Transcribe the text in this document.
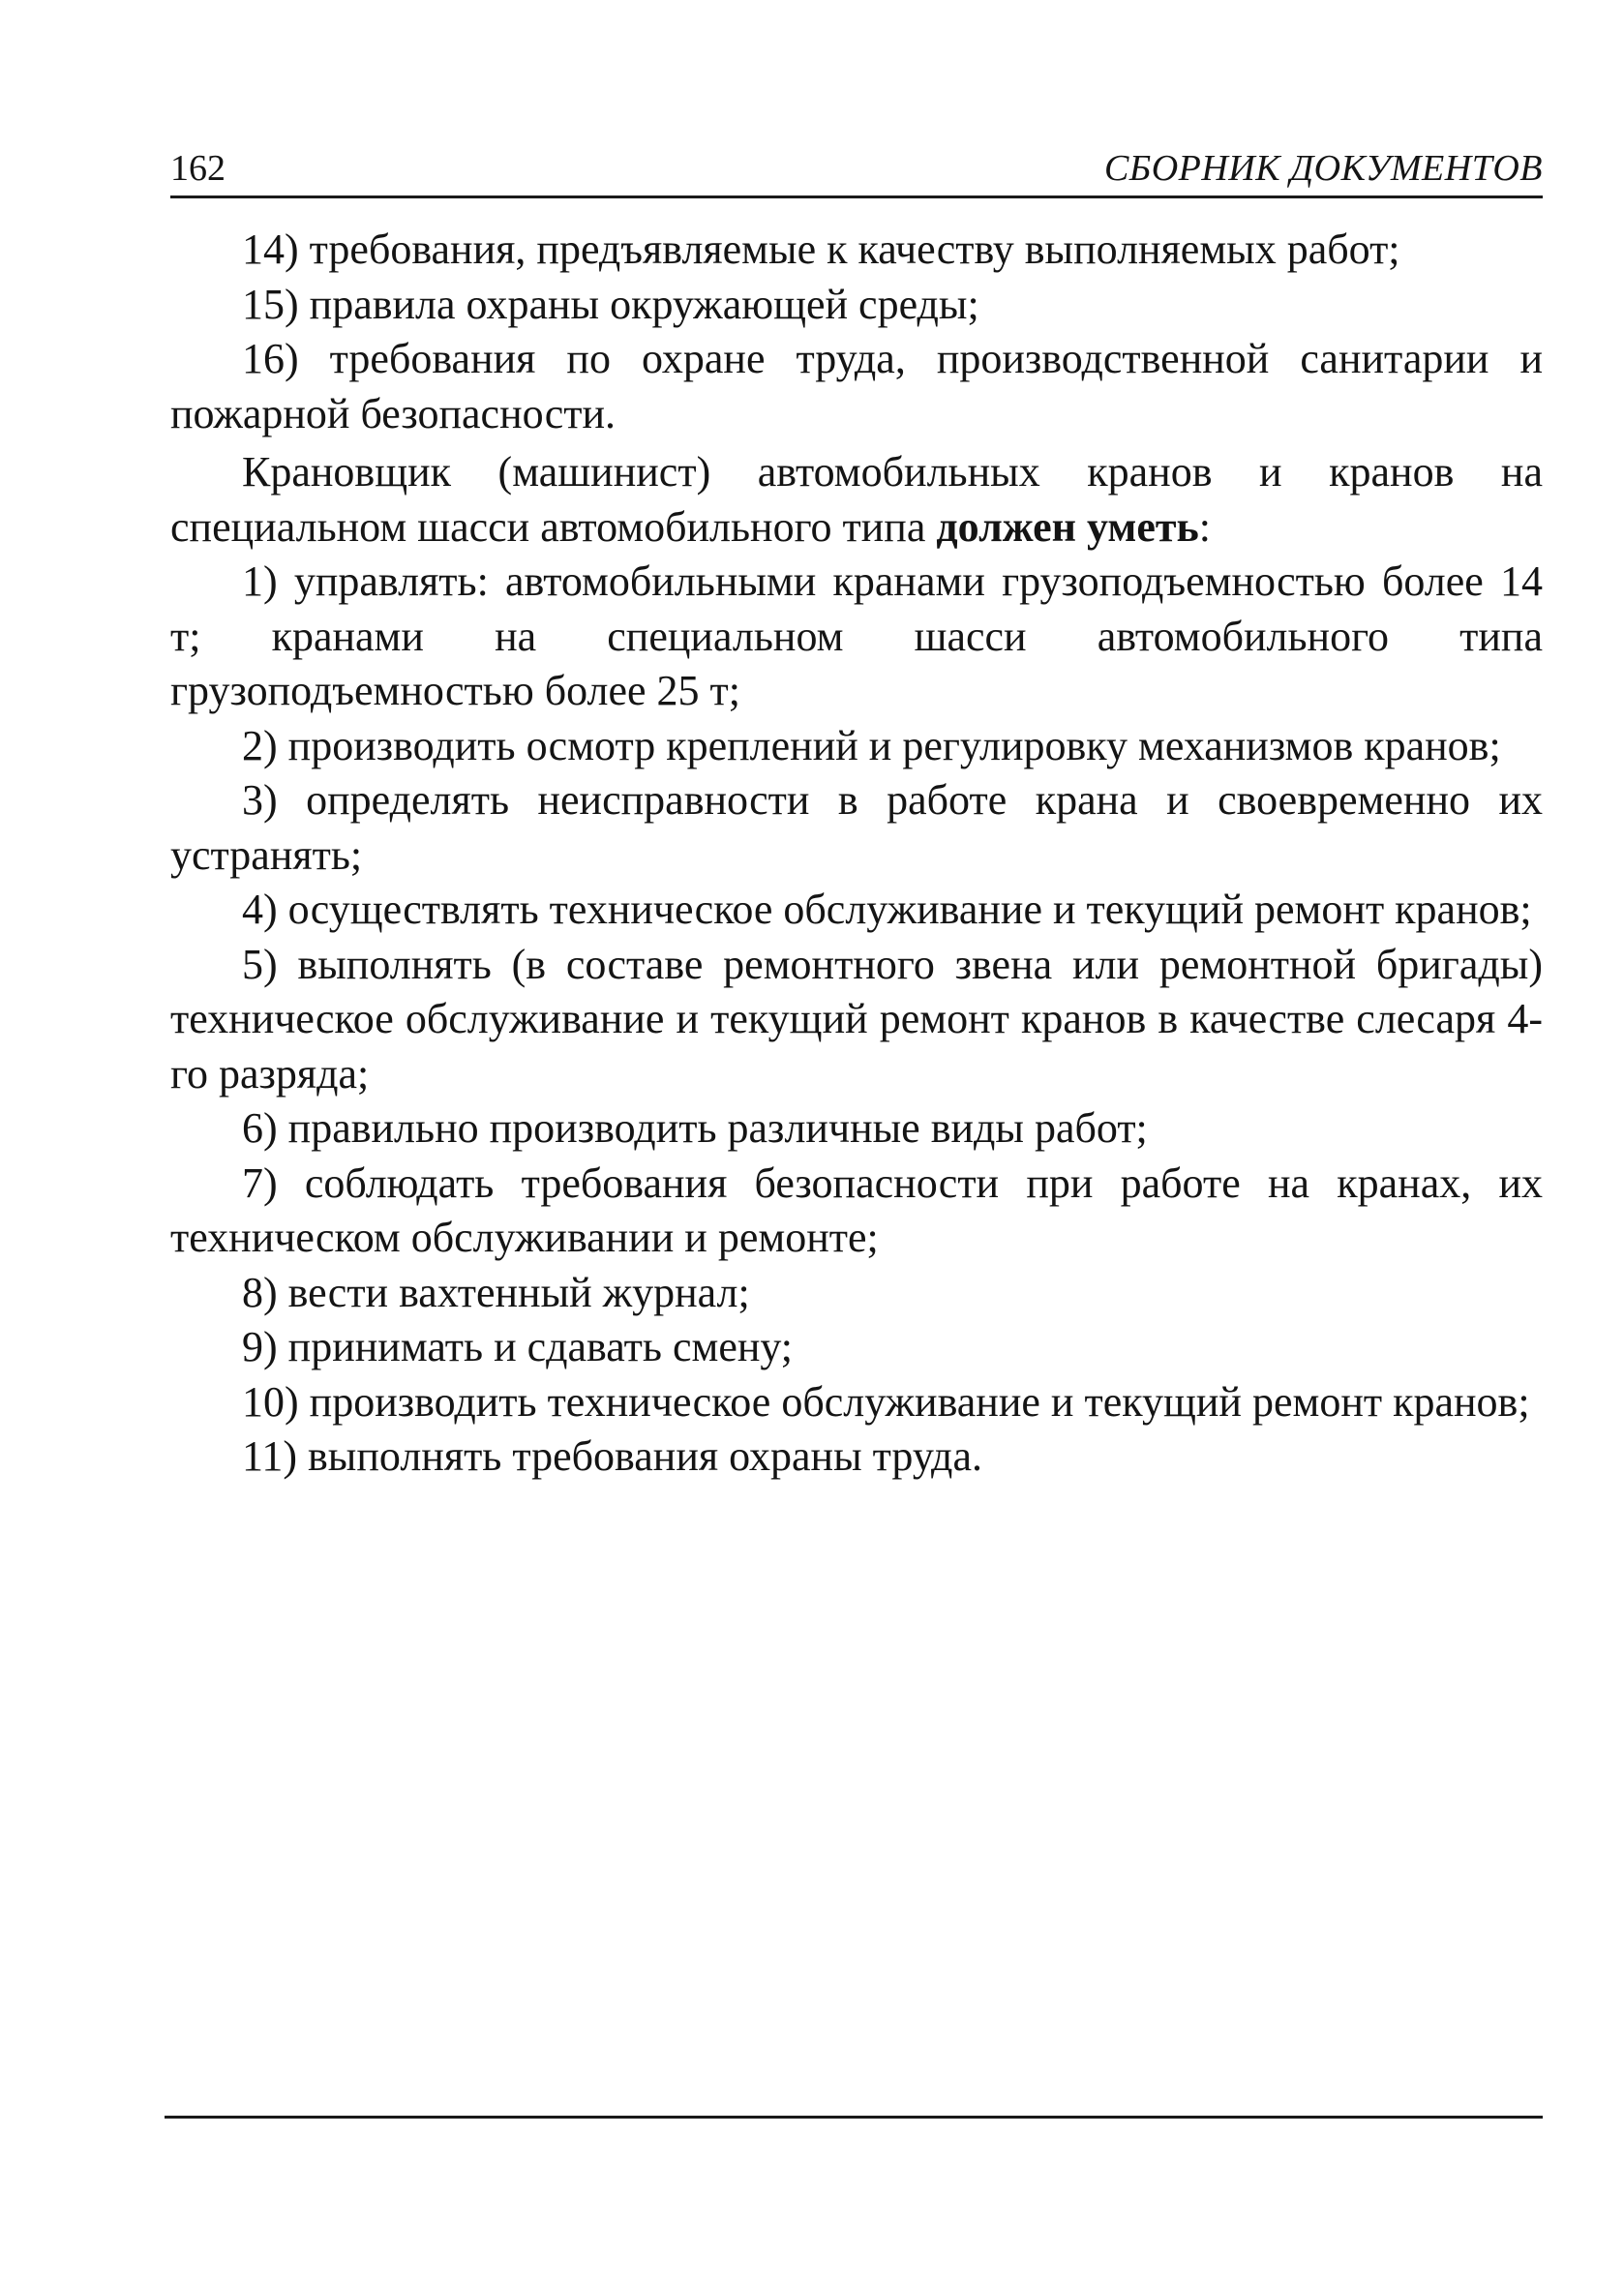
162	СБОРНИК ДОКУМЕНТОВ

14) требования, предъявляемые к качеству выполняемых работ;

15) правила охраны окружающей среды;

16) требования по охране труда, производственной санитарии и пожарной безопасности.

Крановщик (машинист) автомобильных кранов и кранов на специальном шасси автомобильного типа должен уметь:

1) управлять: автомобильными кранами грузоподъемностью более 14 т; кранами на специальном шасси автомобильного типа грузоподъемностью более 25 т;

2) производить осмотр креплений и регулировку механизмов кранов;

3) определять неисправности в работе крана и своевременно их устранять;

4) осуществлять техническое обслуживание и текущий ремонт кранов;

5) выполнять (в составе ремонтного звена или ремонтной бригады) техническое обслуживание и текущий ремонт кранов в качестве слесаря 4-го разряда;

6) правильно производить различные виды работ;

7) соблюдать требования безопасности при работе на кранах, их техническом обслуживании и ремонте;

8) вести вахтенный журнал;

9) принимать и сдавать смену;

10) производить техническое обслуживание и текущий ремонт кранов;

11) выполнять требования охраны труда.
